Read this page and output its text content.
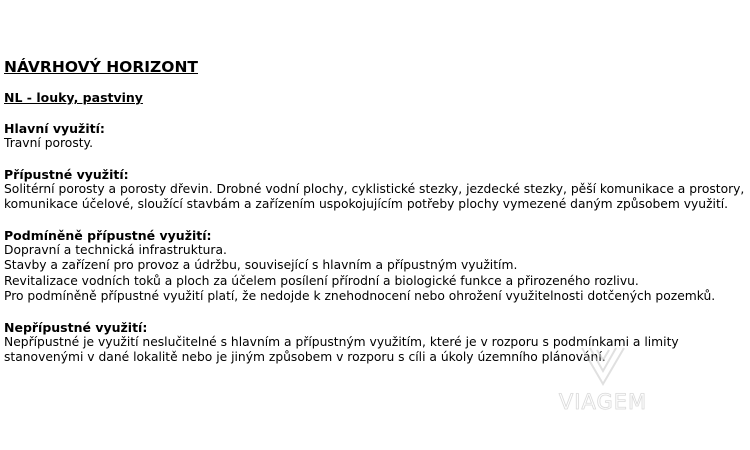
NÁVRHOVÝ HORIZONT
NL - louky, pastviny
Hlavní využití:
Travní porosty.
Přípustné využití:
Solitérní porosty a porosty dřevin. Drobné vodní plochy, cyklistické stezky, jezdecké stezky, pěší komunikace a prostory,
komunikace účelové, sloužící stavbám a zařízením uspokojujícím potřeby plochy vymezené daným způsobem využití.
Podmíněně přípustné využití:
Dopravní a technická infrastruktura.
Stavby a zařízení pro provoz a údržbu, související s hlavním a přípustným využitím.
Revitalizace vodních toků a ploch za účelem posílení přírodní a biologické funkce a přirozeného rozlivu.
Pro podmíněně přípustné využití platí, že nedojde k znehodnocení nebo ohrožení využitelnosti dotčených pozemků.
Nepřípustné využití:
Nepřípustné je využití neslučitelné s hlavním a přípustným využitím, které je v rozporu s podmínkami a limity
stanovenými v dané lokalitě nebo je jiným způsobem v rozporu s cíli a úkoly územního plánování.
VIAGEM
